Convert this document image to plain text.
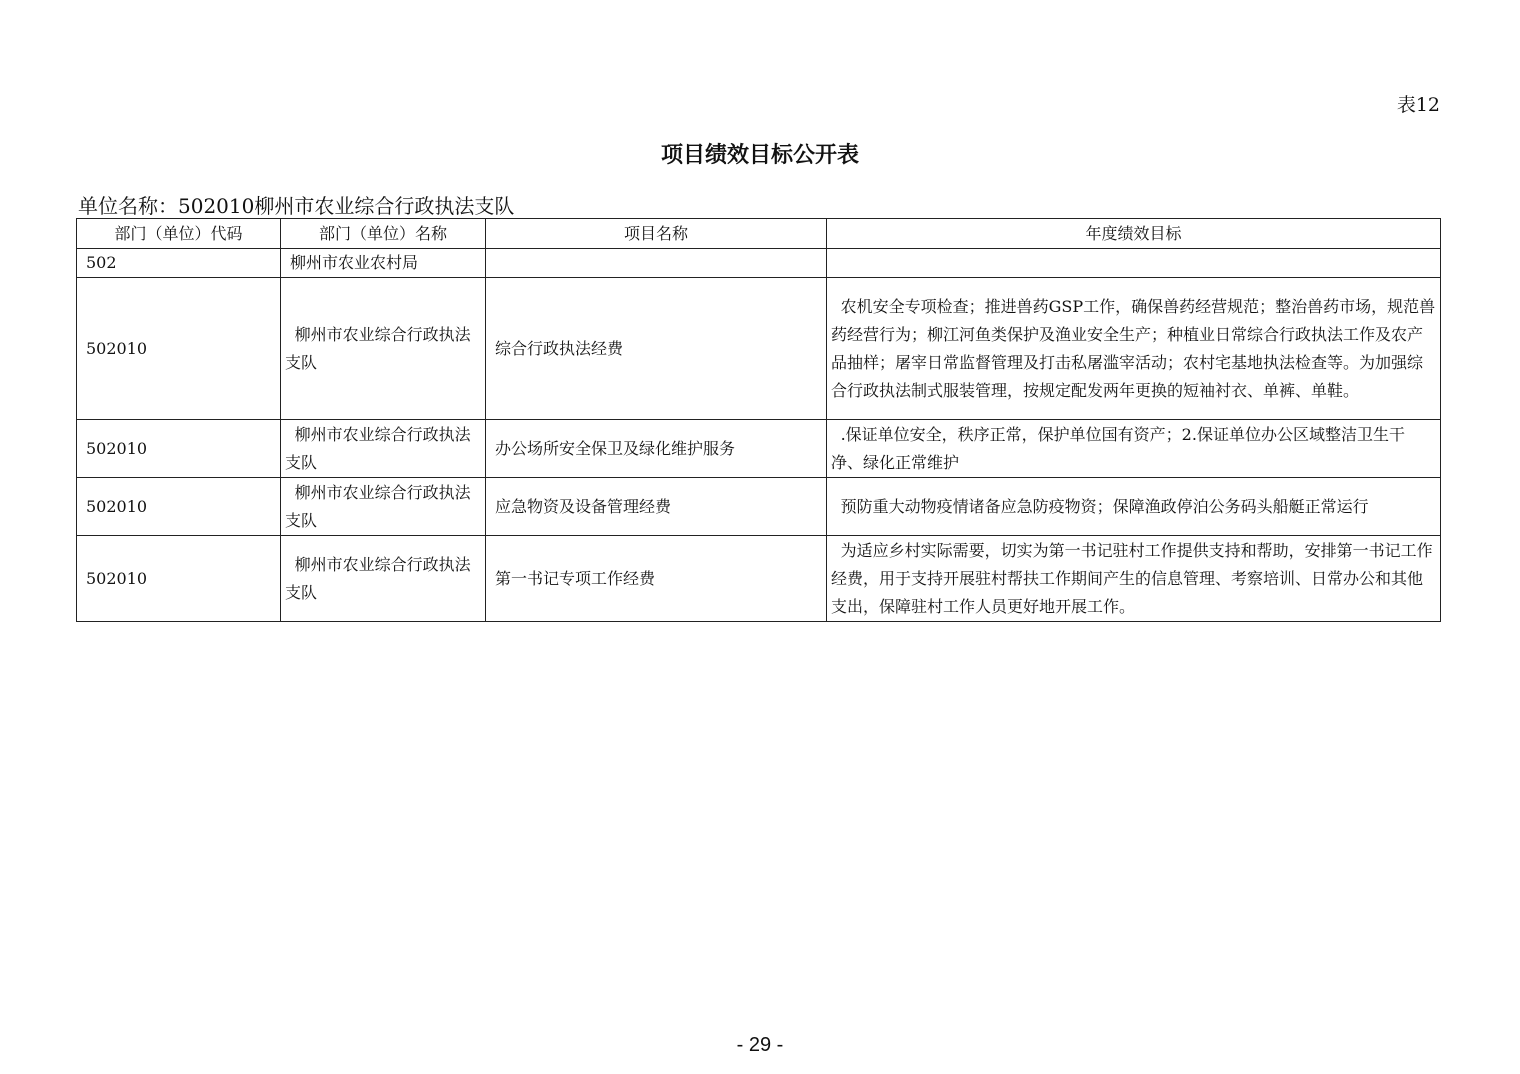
表12
项目绩效目标公开表
单位名称：502010柳州市农业综合行政执法支队
部门（单位）代码	部门（单位）名称	项目名称	年度绩效目标
502	柳州市农业农村局		
502010	柳州市农业综合行政执法支队	综合行政执法经费	农机安全专项检查；推进兽药GSP工作，确保兽药经营规范；整治兽药市场，规范兽药经营行为；柳江河鱼类保护及渔业安全生产；种植业日常综合行政执法工作及农产品抽样；屠宰日常监督管理及打击私屠滥宰活动；农村宅基地执法检查等。为加强综合行政执法制式服装管理，按规定配发两年更换的短袖衬衣、单裤、单鞋。
502010	柳州市农业综合行政执法支队	办公场所安全保卫及绿化维护服务	.保证单位安全，秩序正常，保护单位国有资产；2.保证单位办公区域整洁卫生干净、绿化正常维护
502010	柳州市农业综合行政执法支队	应急物资及设备管理经费	预防重大动物疫情诸备应急防疫物资；保障渔政停泊公务码头船艇正常运行
502010	柳州市农业综合行政执法支队	第一书记专项工作经费	为适应乡村实际需要，切实为第一书记驻村工作提供支持和帮助，安排第一书记工作经费，用于支持开展驻村帮扶工作期间产生的信息管理、考察培训、日常办公和其他支出，保障驻村工作人员更好地开展工作。
- 29 -
